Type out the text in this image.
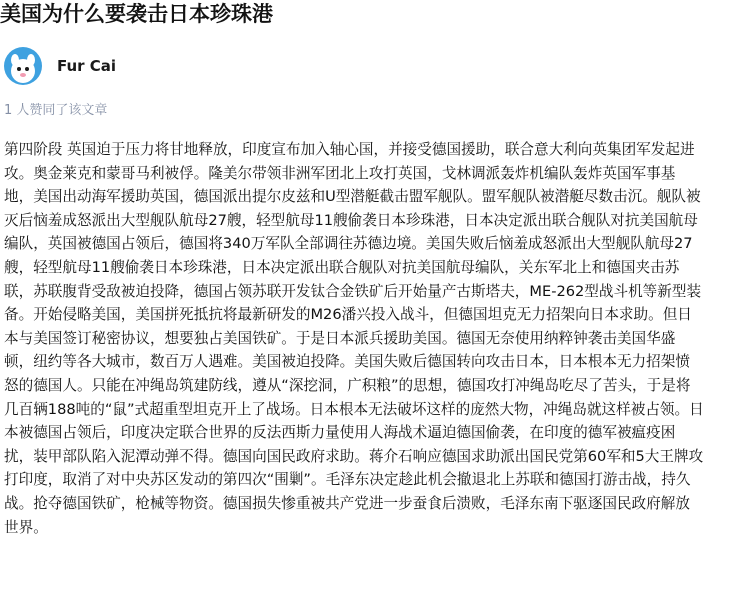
美国为什么要袭击日本珍珠港
Fur Cai
1 人赞同了该文章

第四阶段 英国迫于压力将甘地释放，印度宣布加入轴心国，并接受德国援助，联合意大利向英集团军发起进攻。奥金莱克和蒙哥马利被俘。隆美尔带领非洲军团北上攻打英国，戈林调派轰炸机编队轰炸英国军事基地，美国出动海军援助英国，德国派出提尔皮兹和U型潜艇截击盟军舰队。盟军舰队被潜艇尽数击沉。舰队被灭后恼羞成怒派出大型舰队航母27艘，轻型航母11艘偷袭日本珍珠港，日本决定派出联合舰队对抗美国航母编队，英国被德国占领后，德国将340万军队全部调往苏德边境。美国失败后恼羞成怒派出大型舰队航母27艘，轻型航母11艘偷袭日本珍珠港，日本决定派出联合舰队对抗美国航母编队，关东军北上和德国夹击苏联，苏联腹背受敌被迫投降，德国占领苏联开发钛合金铁矿后开始量产古斯塔夫，ME-262型战斗机等新型装备。开始侵略美国，美国拼死抵抗将最新研发的M26潘兴投入战斗，但德国坦克无力招架向日本求助。但日本与美国签订秘密协议，想要独占美国铁矿。于是日本派兵援助美国。德国无奈使用纳粹钟袭击美国华盛顿，纽约等各大城市，数百万人遇难。美国被迫投降。美国失败后德国转向攻击日本，日本根本无力招架愤怒的德国人。只能在冲绳岛筑建防线，遵从“深挖洞，广积粮”的思想，德国攻打冲绳岛吃尽了苦头，于是将几百辆188吨的“鼠”式超重型坦克开上了战场。日本根本无法破坏这样的庞然大物，冲绳岛就这样被占领。日本被德国占领后，印度决定联合世界的反法西斯力量使用人海战术逼迫德国偷袭，在印度的德军被瘟疫困扰，装甲部队陷入泥潭动弹不得。德国向国民政府求助。蒋介石响应德国求助派出国民党第60军和5大王牌攻打印度，取消了对中央苏区发动的第四次“围剿”。毛泽东决定趁此机会撤退北上苏联和德国打游击战，持久战。抢夺德国铁矿，枪械等物资。德国损失惨重被共产党进一步蚕食后溃败，毛泽东南下驱逐国民政府解放世界。
